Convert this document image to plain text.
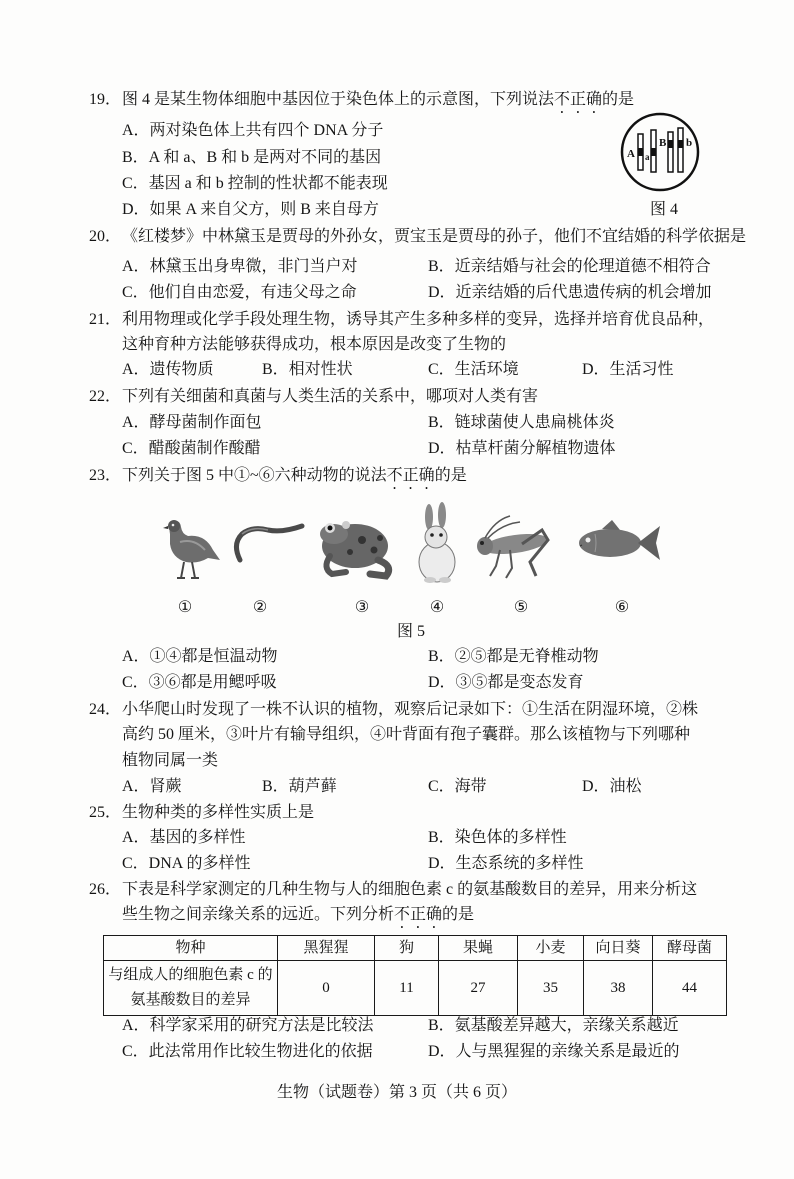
19． 图 4 是某生物体细胞中基因位于染色体上的示意图，下列说法不正确的是
A．两对染色体上共有四个 DNA 分子
B．A 和 a、B 和 b 是两对不同的基因
C．基因 a 和 b 控制的性状都不能表现
D．如果 A 来自父方，则 B 来自母方
A a
B b
图 4
20． 《红楼梦》中林黛玉是贾母的外孙女，贾宝玉是贾母的孙子，他们不宜结婚的科学依据是
A．林黛玉出身卑微，非门当户对	B．近亲结婚与社会的伦理道德不相符合
C．他们自由恋爱，有违父母之命	D．近亲结婚的后代患遗传病的机会增加
21． 利用物理或化学手段处理生物，诱导其产生多种多样的变异，选择并培育优良品种，
这种育种方法能够获得成功，根本原因是改变了生物的
A．遗传物质	B．相对性状	C．生活环境	D．生活习性
22． 下列有关细菌和真菌与人类生活的关系中，哪项对人类有害
A．酵母菌制作面包	B．链球菌使人患扁桃体炎
C．醋酸菌制作酸醋	D．枯草杆菌分解植物遗体
23． 下列关于图 5 中①~⑥六种动物的说法不正确的是
①	②	③	④	⑤	⑥
图 5
A．①④都是恒温动物	B．②⑤都是无脊椎动物
C．③⑥都是用鳃呼吸	D．③⑤都是变态发育
24． 小华爬山时发现了一株不认识的植物，观察后记录如下：①生活在阴湿环境，②株
高约 50 厘米，③叶片有输导组织，④叶背面有孢子囊群。那么该植物与下列哪种
植物同属一类
A．肾蕨	B．葫芦藓	C．海带	D．油松
25． 生物种类的多样性实质上是
A．基因的多样性	B．染色体的多样性
C．DNA 的多样性	D．生态系统的多样性
26． 下表是科学家测定的几种生物与人的细胞色素 c 的氨基酸数目的差异，用来分析这
些生物之间亲缘关系的远近。下列分析不正确的是
物种	黑猩猩	狗	果蝇	小麦	向日葵	酵母菌

与组成人的细胞色素 c 的
氨基酸数目的差异	0	11	27	35	38	44
A．科学家采用的研究方法是比较法	B．氨基酸差异越大，亲缘关系越近
C．此法常用作比较生物进化的依据	D．人与黑猩猩的亲缘关系是最近的
生物（试题卷）第 3 页（共 6 页）
